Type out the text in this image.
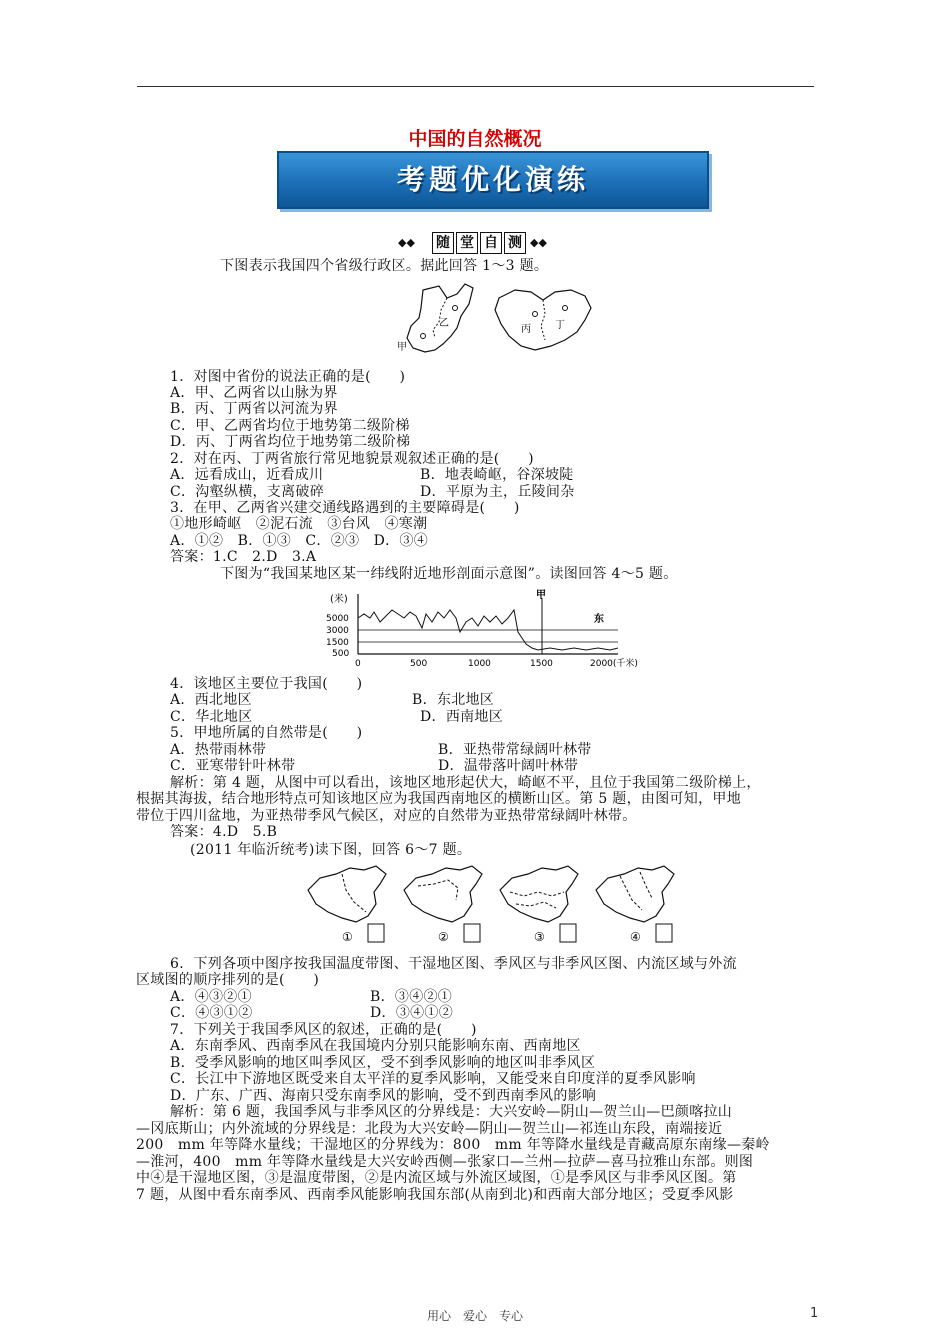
中国的自然概况
考题优化演练
◆◆ 随 堂 自 测 ◆◆
下图表示我国四个省级行政区。据此回答 1～3 题。
甲
乙
丙 丁
1．对图中省份的说法正确的是(　　)
A．甲、乙两省以山脉为界
B．丙、丁两省以河流为界
C．甲、乙两省均位于地势第二级阶梯
D．丙、丁两省均位于地势第二级阶梯
2．对在丙、丁两省旅行常见地貌景观叙述正确的是(　　)
A．远看成山，近看成川	B．地表崎岖，谷深坡陡
C．沟壑纵横，支离破碎	D．平原为主，丘陵间杂
3．在甲、乙两省兴建交通线路遇到的主要障碍是(　　)
①地形崎岖　②泥石流　③台风　④寒潮
A．①②　B．①③　C．②③　D．③④
答案：1.C　2.D　3.A
下图为“我国某地区某一纬线附近地形剖面示意图”。读图回答 4～5 题。
(米)
5000
3000
1500
500
甲
东
0	500	1000	1500	2000(千米)
4．该地区主要位于我国(　　)
A．西北地区	B．东北地区
C．华北地区	D．西南地区
5．甲地所属的自然带是(　　)
A．热带雨林带	B．亚热带常绿阔叶林带
C．亚寒带针叶林带	D．温带落叶阔叶林带
解析：第 4 题，从图中可以看出，该地区地形起伏大，崎岖不平，且位于我国第二级阶梯上，
根据其海拔，结合地形特点可知该地区应为我国西南地区的横断山区。第 5 题，由图可知，甲地
带位于四川盆地，为亚热带季风气候区，对应的自然带为亚热带常绿阔叶林带。
答案：4.D　5.B
(2011 年临沂统考)读下图，回答 6～7 题。
①	②	③	④
6．下列各项中图序按我国温度带图、干湿地区图、季风区与非季风区图、内流区域与外流
区域图的顺序排列的是(　　)
A．④③②①	B．③④②①
C．④③①②	D．③④①②
7．下列关于我国季风区的叙述，正确的是(　　)
A．东南季风、西南季风在我国境内分别只能影响东南、西南地区
B．受季风影响的地区叫季风区，受不到季风影响的地区叫非季风区
C．长江中下游地区既受来自太平洋的夏季风影响，又能受来自印度洋的夏季风影响
D．广东、广西、海南只受东南季风的影响，受不到西南季风的影响
解析：第 6 题，我国季风与非季风区的分界线是：大兴安岭—阴山—贺兰山—巴颜喀拉山
—冈底斯山；内外流域的分界线是：北段为大兴安岭—阴山—贺兰山—祁连山东段，南端接近
200　mm 年等降水量线；干湿地区的分界线为：800　mm 年等降水量线是青藏高原东南缘—秦岭
—淮河，400　mm 年等降水量线是大兴安岭西侧—张家口—兰州—拉萨—喜马拉雅山东部。则图
中④是干湿地区图，③是温度带图，②是内流区域与外流区域图，①是季风区与非季风区图。第
7 题，从图中看东南季风、西南季风能影响我国东部(从南到北)和西南大部分地区；受夏季风影
用心　爱心　专心	1
